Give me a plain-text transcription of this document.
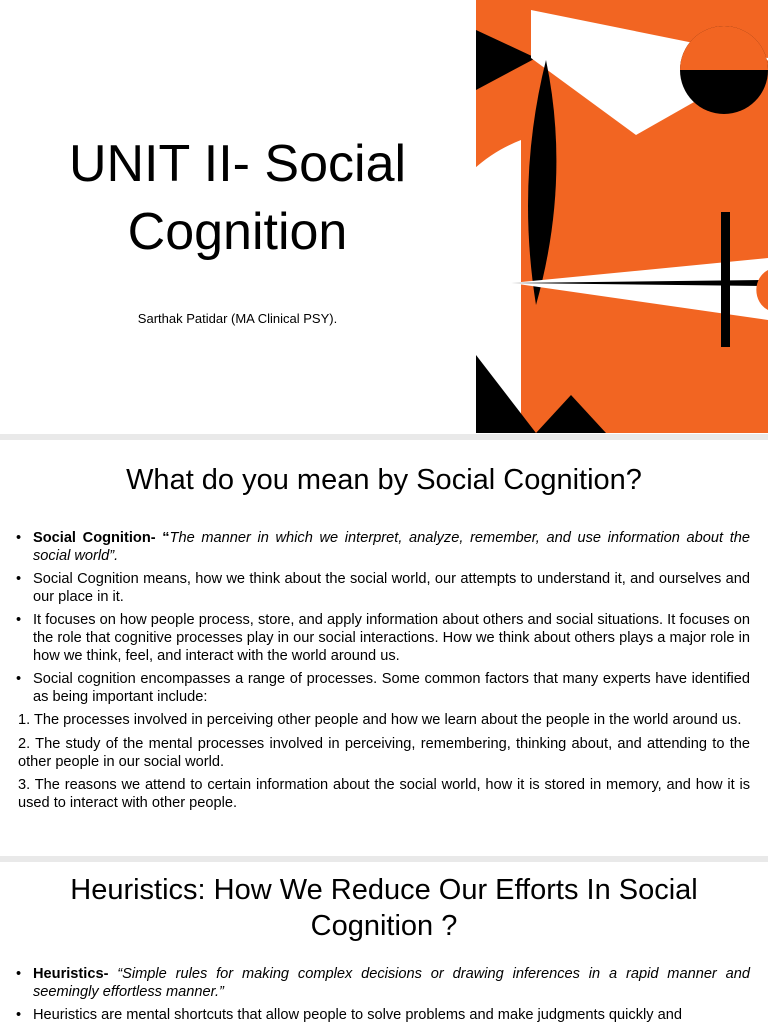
UNIT II- Social
Cognition
Sarthak Patidar (MA Clinical PSY).
What do you mean by Social Cognition?

• Social Cognition- “The manner in which we interpret, analyze, remember, and use information about the social world”.

• Social Cognition means, how we think about the social world, our attempts to understand it, and ourselves and our place in it.

• It focuses on how people process, store, and apply information about others and social situations. It focuses on the role that cognitive processes play in our social interactions. How we think about others plays a major role in how we think, feel, and interact with the world around us.

• Social cognition encompasses a range of processes. Some common factors that many experts have identified as being important include:

1. The processes involved in perceiving other people and how we learn about the people in the world around us.

2. The study of the mental processes involved in perceiving, remembering, thinking about, and attending to the other people in our social world.

3. The reasons we attend to certain information about the social world, how it is stored in memory, and how it is used to interact with other people.

Heuristics: How We Reduce Our Efforts In Social
Cognition ?

• Heuristics- “Simple rules for making complex decisions or drawing inferences in a rapid manner and seemingly effortless manner.”

• Heuristics are mental shortcuts that allow people to solve problems and make judgments quickly and
